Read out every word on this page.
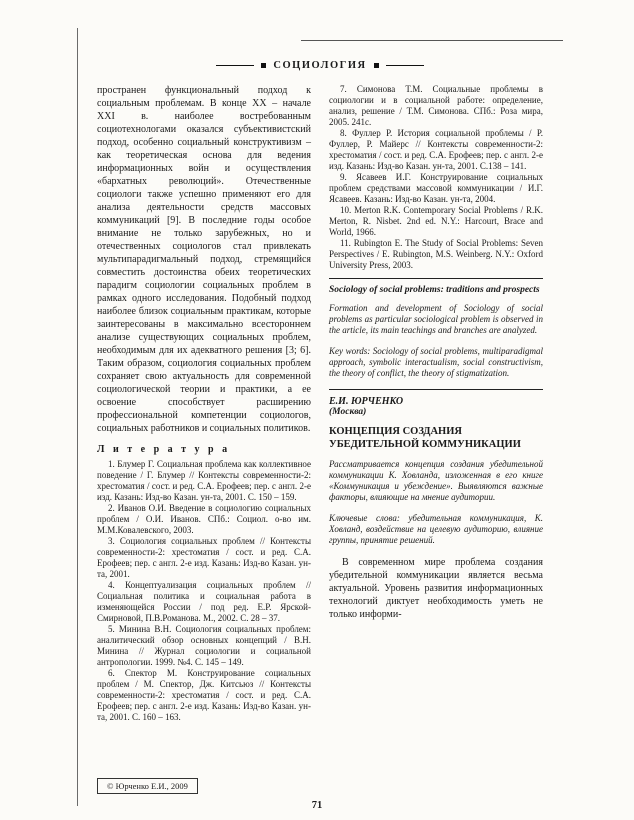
СОЦИОЛОГИЯ

пространен функциональный подход к социальным проблемам. В конце XX – начале XXI в. наиболее востребованным социотехнологами оказался субъективистский подход, особенно социальный конструктивизм – как теоретическая основа для ведения информационных войн и осуществления «бархатных революций». Отечественные социологи также успешно применяют его для анализа деятельности средств массовых коммуникаций [9]. В последние годы особое внимание не только зарубежных, но и отечественных социологов стал привлекать мультипарадигмальный подход, стремящийся совместить достоинства обеих теоретических парадигм социологии социальных проблем в рамках одного исследования. Подобный подход наиболее близок социальным практикам, которые заинтересованы в максимально всестороннем анализе существующих социальных проблем, необходимым для их адекватного решения [3; 6]. Таким образом, социология социальных проблем сохраняет свою актуальность для современной социологической теории и практики, а ее освоение способствует расширению профессиональной компетенции социологов, социальных работников и социальных политиков.

Л и т е р а т у р а

1. Блумер Г. Социальная проблема как коллективное поведение / Г. Блумер // Контексты современности-2: хрестоматия / сост. и ред. С.А. Ерофеев; пер. с англ. 2-е изд. Казань: Изд-во Казан. ун-та, 2001. С. 150 – 159.

2. Иванов О.И. Введение в социологию социальных проблем / О.И. Иванов. СПб.: Социол. о-во им. М.М.Ковалевского, 2003.

3. Социология социальных проблем // Контексты современности-2: хрестоматия / сост. и ред. С.А. Ерофеев; пер. с англ. 2-е изд. Казань: Изд-во Казан. ун-та, 2001.

4. Концептуализация социальных проблем // Социальная политика и социальная работа в изменяющейся России / под ред. Е.Р. Ярской-Смирновой, П.В.Романова. М., 2002. С. 28 – 37.

5. Минина В.Н. Социология социальных проблем: аналитический обзор основных концепций / В.Н. Минина // Журнал социологии и социальной антропологии. 1999. №4. С. 145 – 149.

6. Спектор М. Конструирование социальных проблем / М. Спектор, Дж. Китсьюз // Контексты современности-2: хрестоматия / сост. и ред. С.А. Ерофеев; пер. с англ. 2-е изд. Казань: Изд-во Казан. ун-та, 2001. С. 160 – 163.

7. Симонова Т.М. Социальные проблемы в социологии и в социальной работе: определение, анализ, решение / Т.М. Симонова. СПб.: Роза мира, 2005. 241с.

8. Фуллер Р. История социальной проблемы / Р. Фуллер, Р. Майерс // Контексты современности-2: хрестоматия / сост. и ред. С.А. Ерофеев; пер. с англ. 2-е изд. Казань: Изд-во Казан. ун-та, 2001. С.138 – 141.

9. Ясавеев И.Г. Конструирование социальных проблем средствами массовой коммуникации / И.Г. Ясавеев. Казань: Изд-во Казан. ун-та, 2004.

10. Merton R.K. Contemporary Social Problems / R.K. Merton, R. Nisbet. 2nd ed. N.Y.: Harcourt, Brace and World, 1966.

11. Rubington E. The Study of Social Problems: Seven Perspectives / E. Rubington, M.S. Weinberg. N.Y.: Oxford University Press, 2003.

Sociology of social problems: traditions and prospects

Formation and development of Sociology of social problems as particular sociological problem is observed in the article, its main teachings and branches are analyzed.

Key words: Sociology of social problems, multiparadigmal approach, symbolic interactualism, social constructivism, the theory of conflict, the theory of stigmatization.

Е.И. ЮРЧЕНКО

(Москва)

КОНЦЕПЦИЯ СОЗДАНИЯ УБЕДИТЕЛЬНОЙ КОММУНИКАЦИИ

Рассматривается концепция создания убедительной коммуникации К. Ховланда, изложенная в его книге «Коммуникация и убеждение». Выявляются важные факторы, влияющие на мнение аудитории.

Ключевые слова: убедительная коммуникация, К. Ховланд, воздействие на целевую аудиторию, влияние группы, принятие решений.

В современном мире проблема создания убедительной коммуникации является весьма актуальной. Уровень развития информационных технологий диктует необходимость уметь не только информи-

© Юрченко Е.И., 2009
71
